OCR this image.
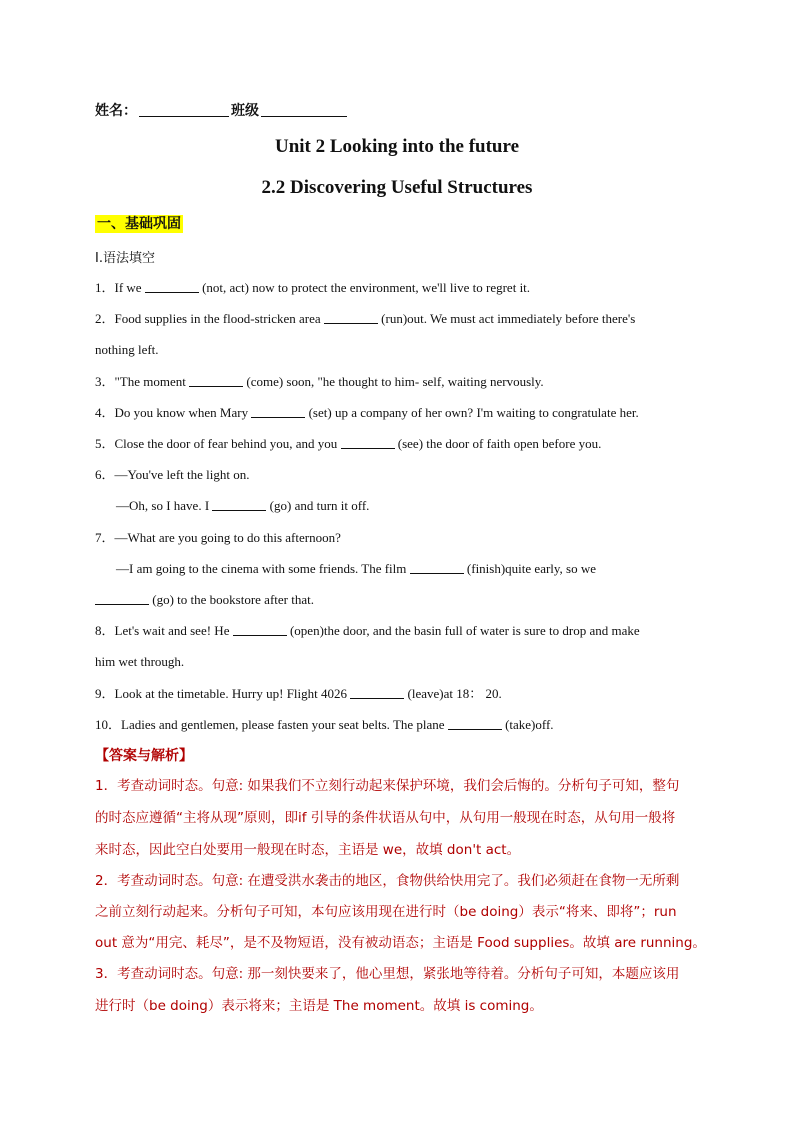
姓名：	班级
Unit 2 Looking into the future
2.2 Discovering Useful Structures
一、基础巩固
I.语法填空
1．If we	(not, act) now to protect the environment, we'll live to regret it.
2．Food supplies in the flood-stricken area	(run)out. We must act immediately before there's
nothing left.
3．"The moment	(come) soon, "he thought to him- self, waiting nervously.
4．Do you know when Mary	(set) up a company of her own? I'm waiting to congratulate her.
5．Close the door of fear behind you, and you	(see) the door of faith open before you.
6．—You've left the light on.
—Oh, so I have. I	(go) and turn it off.
7．—What are you going to do this afternoon?
—I am going to the cinema with some friends. The film	(finish)quite early, so we
(go) to the bookstore after that.
8．Let's wait and see! He	(open)the door, and the basin full of water is sure to drop and make
him wet through.
9．Look at the timetable. Hurry up! Flight 4026	(leave)at 18： 20.
10．Ladies and gentlemen, please fasten your seat belts. The plane	(take)off.
【答案与解析】
1．考查动词时态。句意: 如果我们不立刻行动起来保护环境，我们会后悔的。分析句子可知，整句
的时态应遵循“主将从现”原则，即if 引导的条件状语从句中，从句用一般现在时态，从句用一般将
来时态，因此空白处要用一般现在时态，主语是 we，故填 don't act。
2．考查动词时态。句意: 在遭受洪水袭击的地区，食物供给快用完了。我们必须赶在食物一无所剩
之前立刻行动起来。分析句子可知，本句应该用现在进行时（be doing）表示“将来、即将”；run
out 意为“用完、耗尽”，是不及物短语，没有被动语态；主语是 Food supplies。故填 are running。
3．考查动词时态。句意: 那一刻快要来了，他心里想，紧张地等待着。分析句子可知，本题应该用
进行时（be doing）表示将来；主语是 The moment。故填 is coming。
